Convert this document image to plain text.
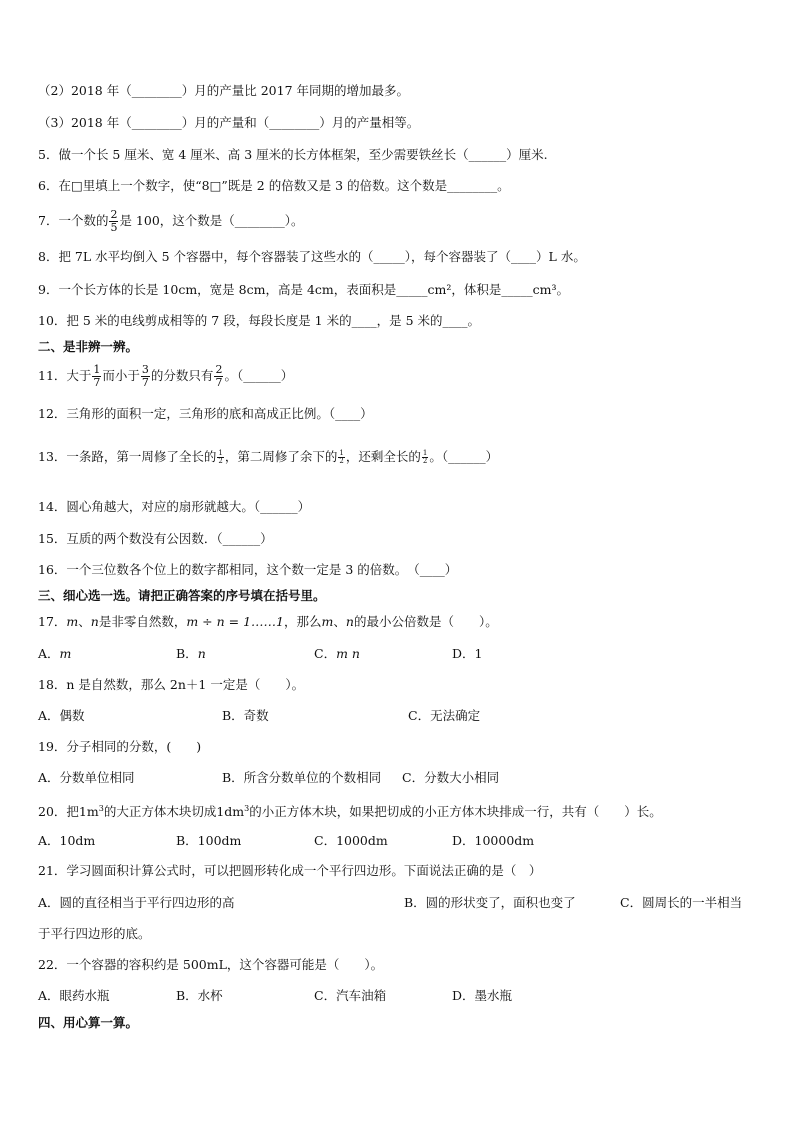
（2）2018 年（________）月的产量比 2017 年同期的增加最多。
（3）2018 年（________）月的产量和（________）月的产量相等。
5．做一个长 5 厘米、宽 4 厘米、高 3 厘米的长方体框架，至少需要铁丝长（______）厘米.
6．在□里填上一个数字，使“8□”既是 2 的倍数又是 3 的倍数。这个数是________。
7．一个数的 $\frac{2}{5}$ 是 100，这个数是（________）。
8．把 7L 水平均倒入 5 个容器中，每个容器装了这些水的（_____），每个容器装了（____）L 水。
9．一个长方体的长是 10cm，宽是 8cm，高是 4cm，表面积是_____cm²，体积是_____cm³。
10．把 5 米的电线剪成相等的 7 段，每段长度是 1 米的____，是 5 米的____。
二、是非辨一辨。
11．大于 $\frac{1}{7}$ 而小于 $\frac{3}{7}$ 的分数只有 $\frac{2}{7}$ 。（______）
12．三角形的面积一定，三角形的底和高成正比例。（____）
13．一条路，第一周修了全长的 $\frac{1}{2}$ ，第二周修了余下的 $\frac{1}{2}$ ，还剩全长的 $\frac{1}{2}$ 。（______）
14．圆心角越大，对应的扇形就越大。（______）
15．互质的两个数没有公因数．（______）
16．一个三位数各个位上的数字都相同，这个数一定是 3 的倍数。　（____）
三、细心选一选。请把正确答案的序号填在括号里。
17．m、n是非零自然数，m ÷ n = 1……1，那么m、n的最小公倍数是（　　）。
A．m	B．n	C．m n	D．1
18．n 是自然数，那么 2n＋1 一定是（　　）。
A．偶数	B．奇数	C．无法确定
19．分子相同的分数，(　　)
A．分数单位相同	B．所含分数单位的个数相同 C．分数大小相同
20．把$1m^3$的大正方体木块切成$1dm^3$的小正方体木块，如果把切成的小正方体木块排成一行，共有（　　）长。
A．10dm	B．100dm	C．1000dm	D．10000dm
21．学习圆面积计算公式时，可以把圆形转化成一个平行四边形。下面说法正确的是（　）
A．圆的直径相当于平行四边形的高	B．圆的形状变了，面积也变了	C．圆周长的一半相当
于平行四边形的底。
22．一个容器的容积约是 500mL，这个容器可能是（　　）。
A．眼药水瓶	B．水杯	C．汽车油箱	D．墨水瓶
四、用心算一算。
